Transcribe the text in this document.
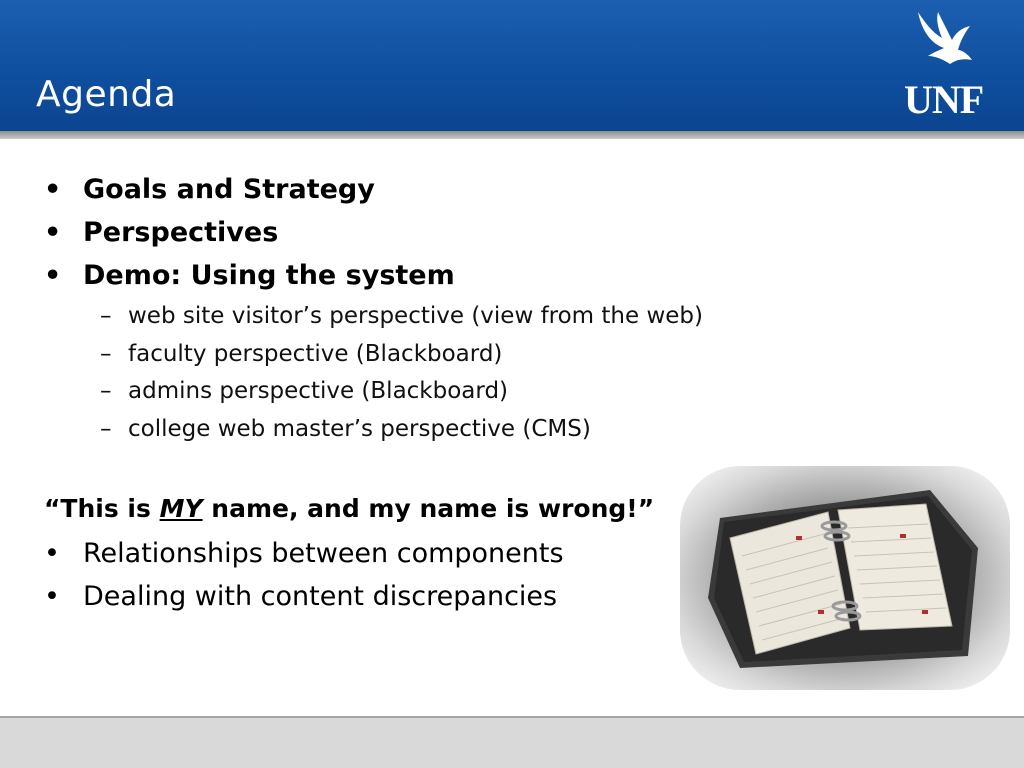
Agenda	UNF
• Goals and Strategy
• Perspectives
• Demo: Using the system
– web site visitor’s perspective (view from the web)
– faculty perspective (Blackboard)
– admins perspective (Blackboard)
– college web master’s perspective (CMS)
“This is MY name, and my name is wrong!”
• Relationships between components
• Dealing with content discrepancies
